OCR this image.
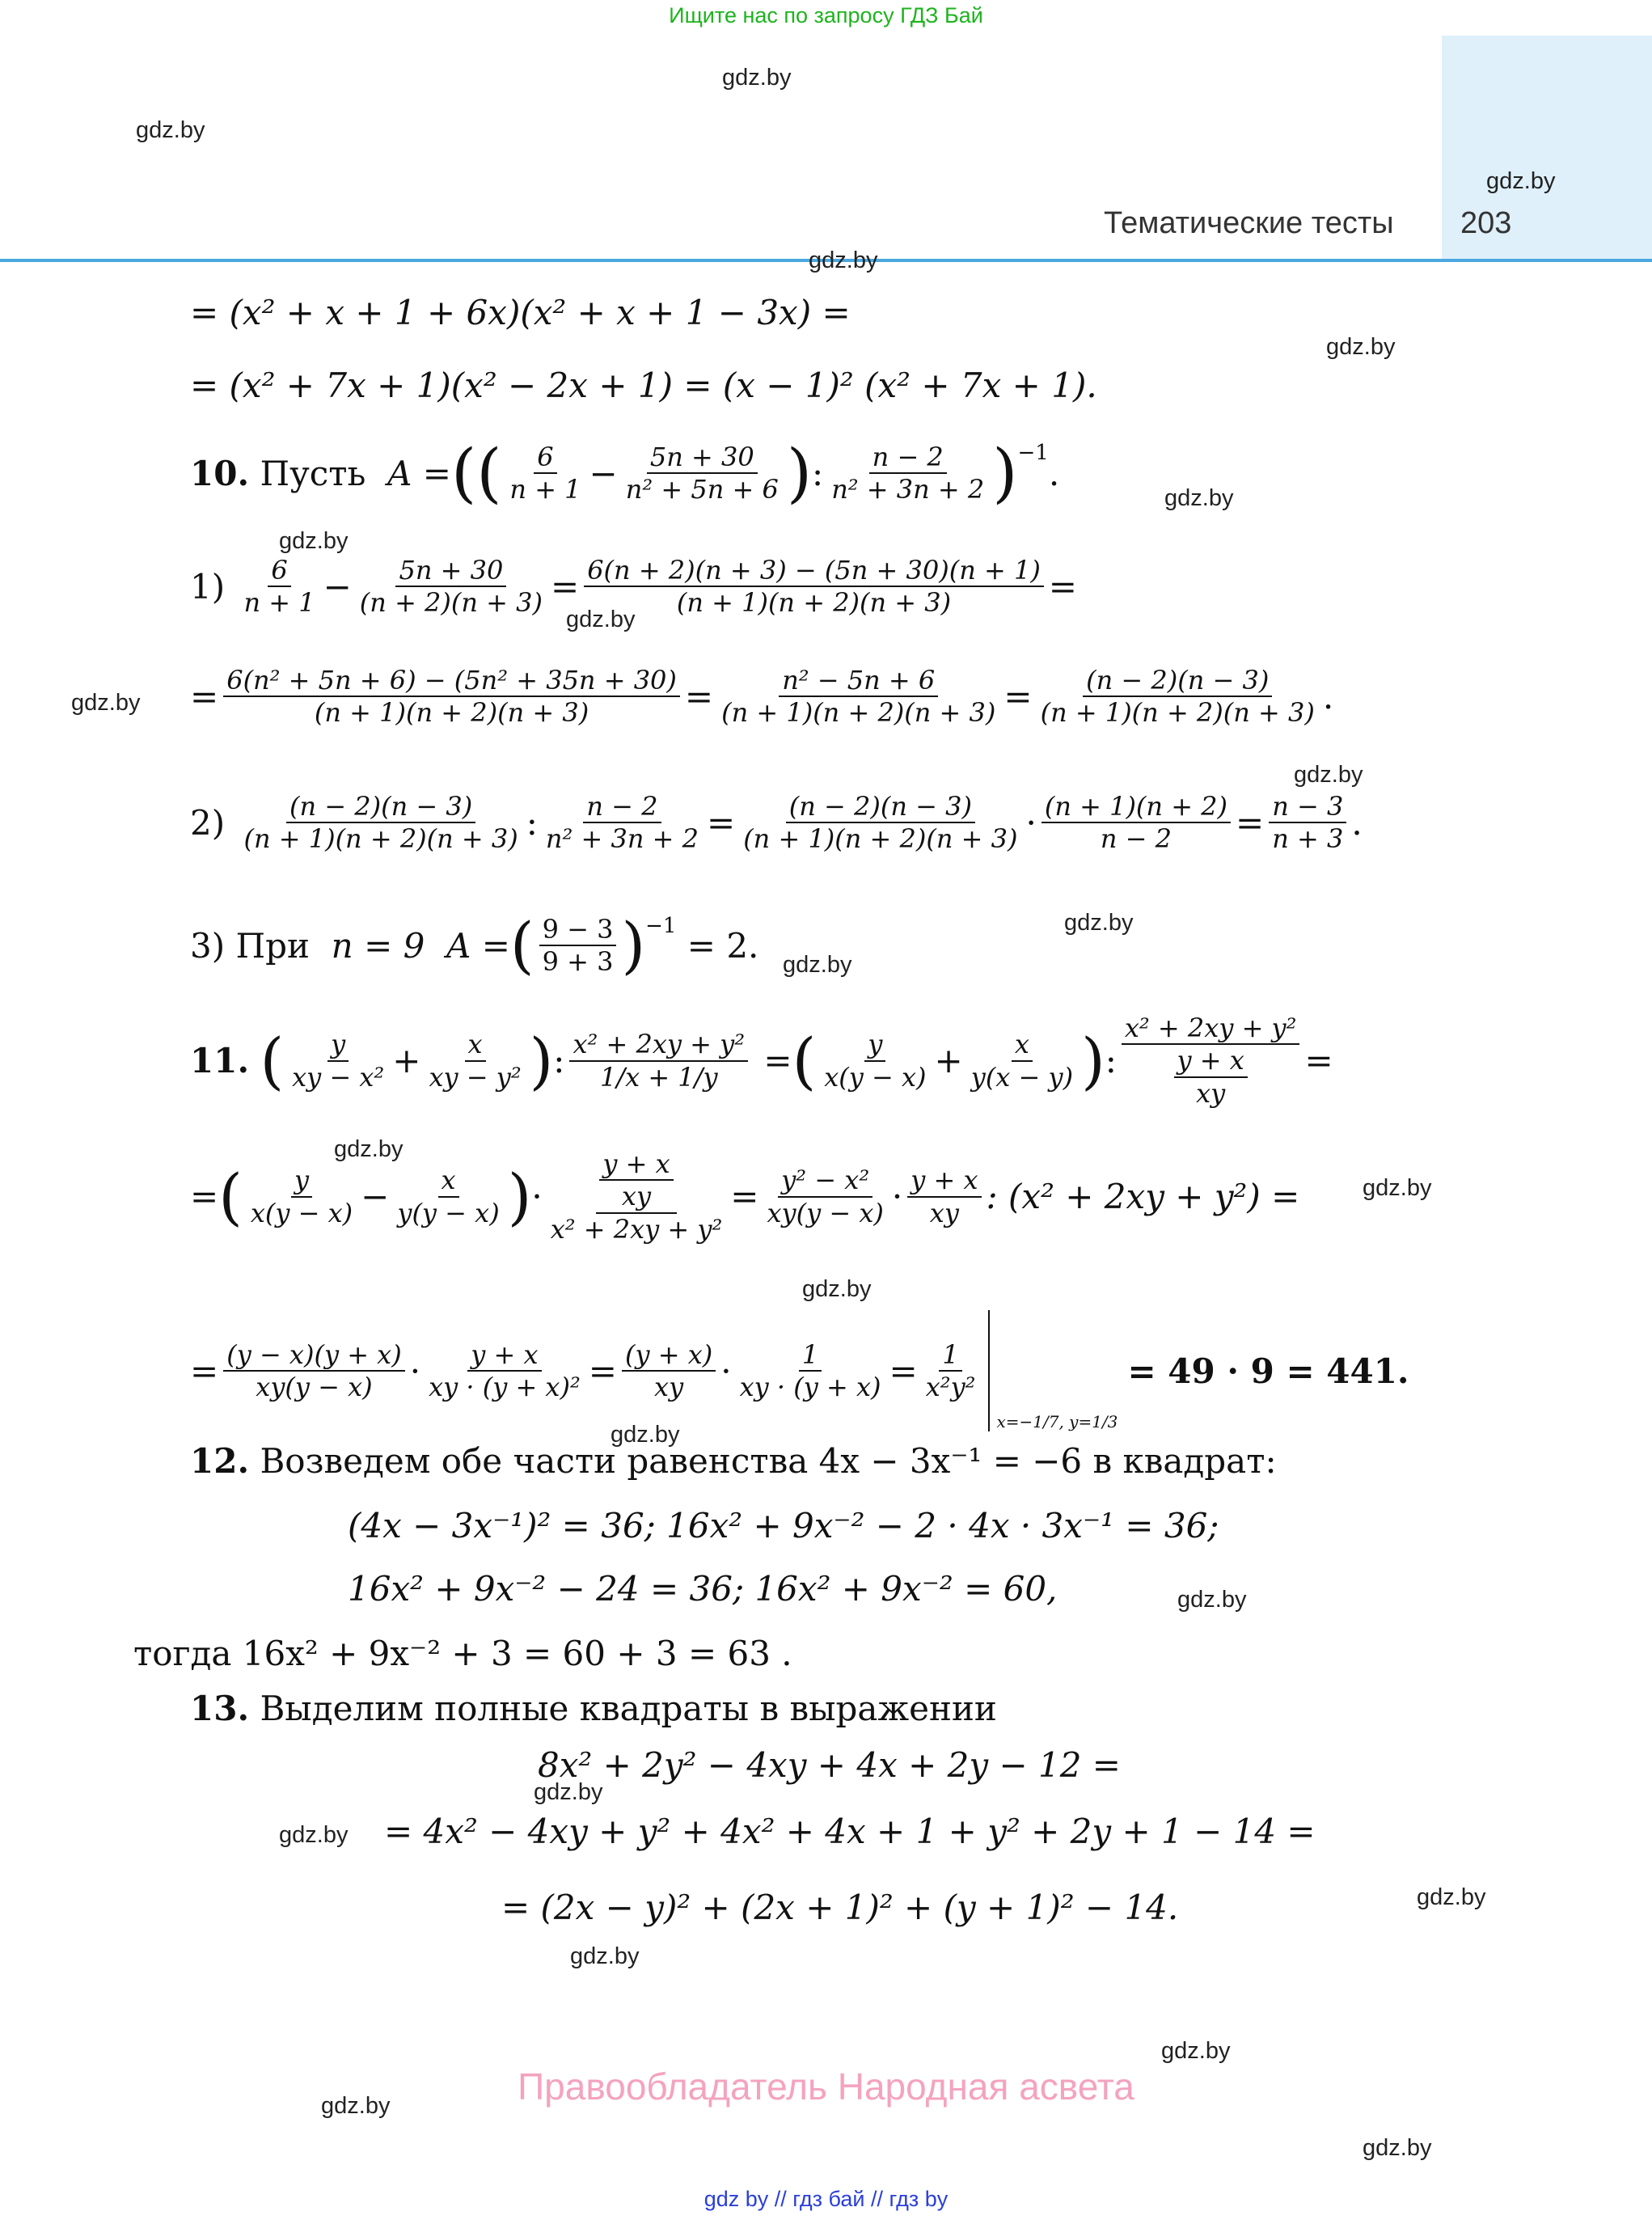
Ищите нас по запросу ГДЗ Бай
Тематические тесты 203
gdz.by
gdz.by
gdz.by
gdz.by
gdz.by
gdz.by
gdz.by
gdz.by
gdz.by
gdz.by
gdz.by
gdz.by
gdz.by
gdz.by
gdz.by
gdz.by
gdz.by
gdz.by
gdz.by
gdz.by
gdz.by
gdz.by
gdz.by
gdz.by
= (x² + x + 1 + 6x)(x² + x + 1 − 3x) =
= (x² + 7x + 1)(x² − 2x + 1) = (x − 1)² (x² + 7x + 1).
10.
Пусть
A = (( $\frac{6}{n + 1} - \frac{5n + 30}{\text{n² + 5n + 6}}$ ) : $\frac{n - 2}{\text{n² + 3n + 2}} )^{-1}$
.
1)
$\frac{6}{n + 1} - \frac{5n + 30}{(n + 2)(n + 3)} = \frac{6(n + 2)(n + 3) - (5n + 30)(n + 1)}{(n + 1)(n + 2)(n + 3)}$ =
= $\frac{\text{6(n² + 5n + 6) − (5n² + 35n + 30)}}{(n + 1)(n + 2)(n + 3)} = \frac{\text{n² − 5n + 6}}{(n + 1)(n + 2)(n + 3)} = \frac{(n - 2)(n - 3)}{(n + 1)(n + 2)(n + 3)}$ .
2)
$\frac{(n - 2)(n - 3)}{(n + 1)(n + 2)(n + 3)}$ : $\frac{n - 2}{\text{n² + 3n + 2}} = \frac{(n - 2)(n - 3)}{(n + 1)(n + 2)(n + 3)} \cdot \frac{(n + 1)(n + 2)}{n - 2} = \frac{n - 3}{n + 3}$ .
3) При
n = 9
A = ( $\frac{9 - 3}{9 + 3} )^{-1}$
= 2.
11.
( $\frac{y}{\text{xy − x²}} + \frac{x}{\text{xy − y²}}$ ) : $\frac{\text{x² + 2xy + y²}}{1/x + 1/y}$ = ( $\frac{y}{x(y - x)} + \frac{x}{y(x - y)}$ ) : x² + 2xy + y²
y + x
xy =
= ( $\frac{y}{x(y - x)} - \frac{x}{y(y - x)}$ ) · y + x
xy
$x^2 + 2xy + y^2 = \frac{\text{y² − x²}}{xy(y - x)} \cdot \frac{y + x}{xy}$ : (x² + 2xy + y²) =
= $\frac{(y - x)(y + x)}{xy(y - x)} \cdot \frac{y + x}{\text{xy · (y + x)²}} = \frac{(y + x)}{xy} \cdot \frac{1}{xy \cdot (y + x)} = \frac{1}{\text{x²y²}}$
x=−1/7, y=1/3
= 49 · 9 = 441.
12. Возведем обе части равенства 4x − 3x⁻¹ = −6 в квадрат:
(4x − 3x⁻¹)² = 36; 16x² + 9x⁻² − 2 · 4x · 3x⁻¹ = 36;
16x² + 9x⁻² − 24 = 36; 16x² + 9x⁻² = 60,
тогда 16x² + 9x⁻² + 3 = 60 + 3 = 63 .
13. Выделим полные квадраты в выражении
8x² + 2y² − 4xy + 4x + 2y − 12 =
= 4x² − 4xy + y² + 4x² + 4x + 1 + y² + 2y + 1 − 14 =
= (2x − y)² + (2x + 1)² + (y + 1)² − 14.
Правообладатель Народная асвета
gdz by // гдз бай // гдз by
